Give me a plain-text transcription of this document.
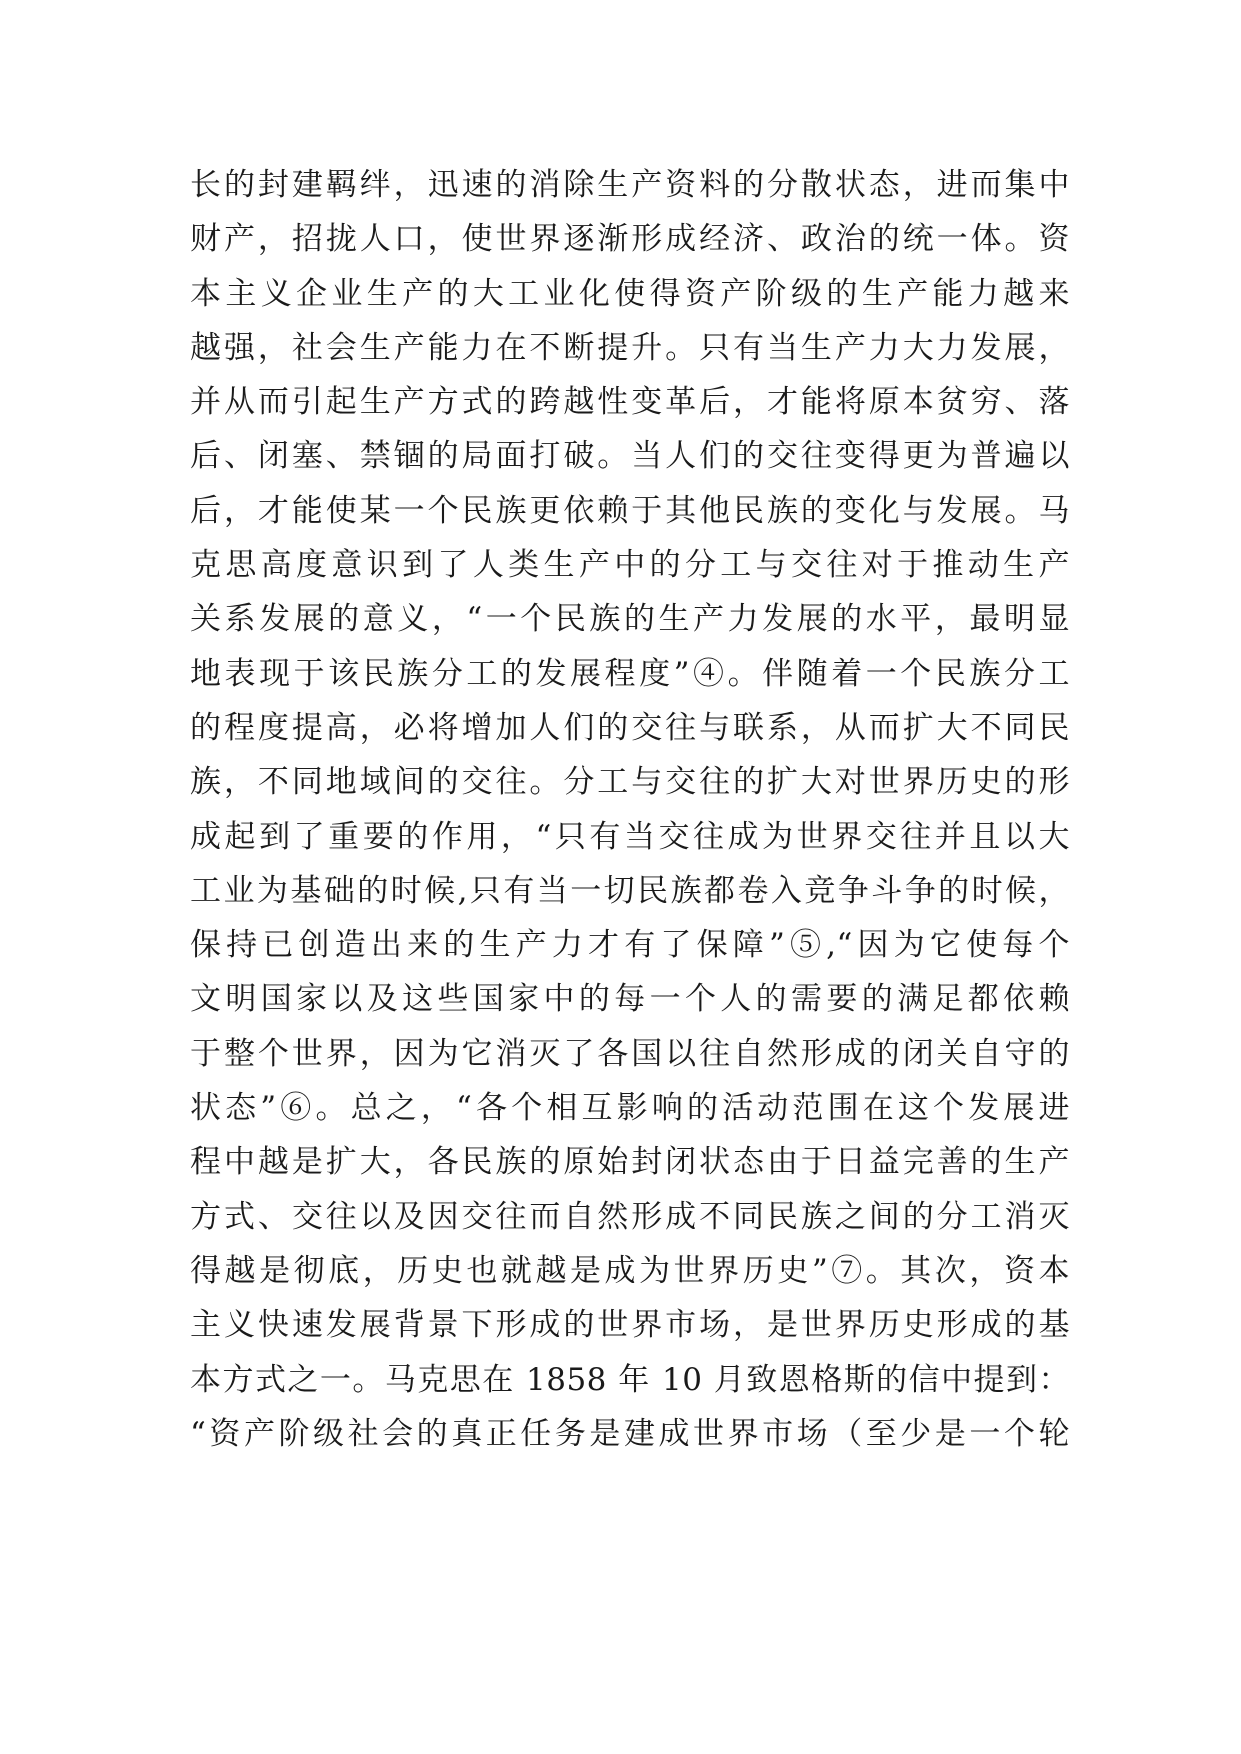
长的封建羁绊，迅速的消除生产资料的分散状态，进而集中
财产，招拢人口，使世界逐渐形成经济、政治的统一体。资
本主义企业生产的大工业化使得资产阶级的生产能力越来
越强，社会生产能力在不断提升。只有当生产力大力发展，
并从而引起生产方式的跨越性变革后，才能将原本贫穷、落
后、闭塞、禁锢的局面打破。当人们的交往变得更为普遍以
后，才能使某一个民族更依赖于其他民族的变化与发展。马
克思高度意识到了人类生产中的分工与交往对于推动生产
关系发展的意义，“一个民族的生产力发展的水平，最明显
地表现于该民族分工的发展程度”④。伴随着一个民族分工
的程度提高，必将增加人们的交往与联系，从而扩大不同民
族，不同地域间的交往。分工与交往的扩大对世界历史的形
成起到了重要的作用，“只有当交往成为世界交往并且以大
工业为基础的时候,只有当一切民族都卷入竞争斗争的时候，
保持已创造出来的生产力才有了保障”⑤,“因为它使每个
文明国家以及这些国家中的每一个人的需要的满足都依赖
于整个世界，因为它消灭了各国以往自然形成的闭关自守的
状态”⑥。总之，“各个相互影响的活动范围在这个发展进
程中越是扩大，各民族的原始封闭状态由于日益完善的生产
方式、交往以及因交往而自然形成不同民族之间的分工消灭
得越是彻底，历史也就越是成为世界历史”⑦。其次，资本
主义快速发展背景下形成的世界市场，是世界历史形成的基
本方式之一。马克思在 1858 年 10 月致恩格斯的信中提到：
“资产阶级社会的真正任务是建成世界市场（至少是一个轮
